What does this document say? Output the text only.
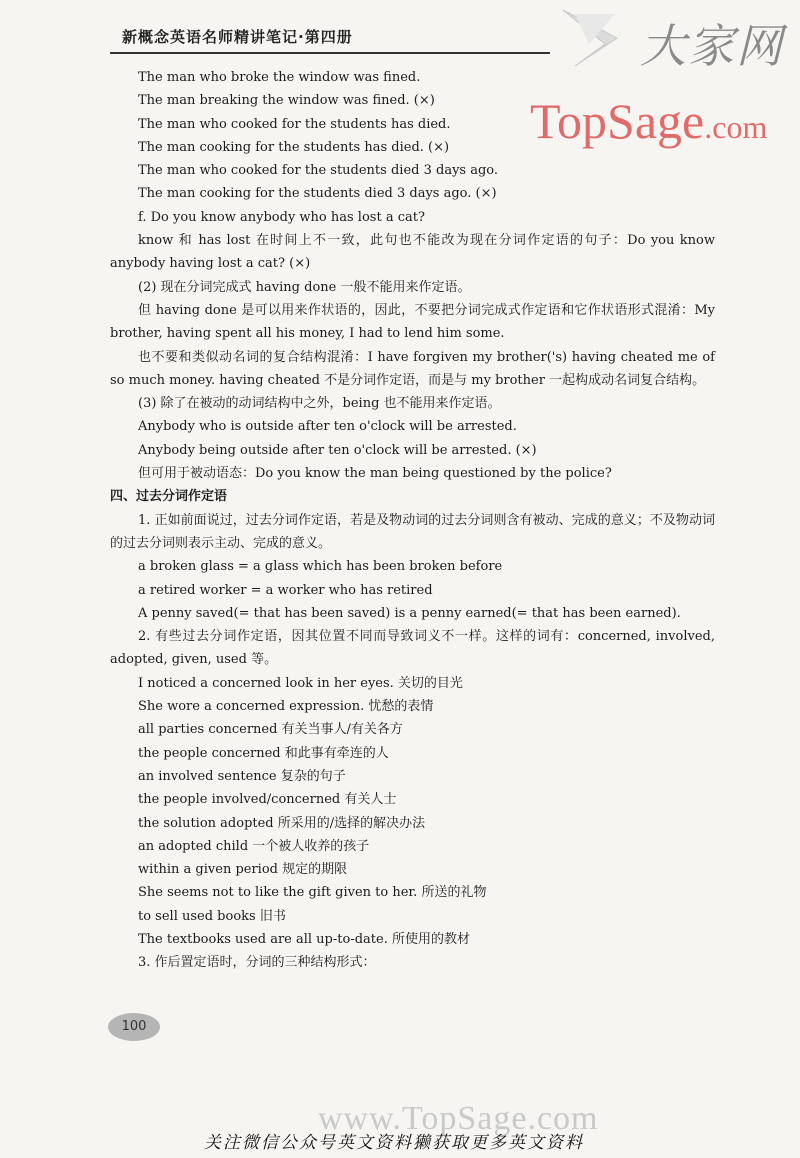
新概念英语名师精讲笔记·第四册	大家网
TopSage.com

The man who broke the window was fined.

The man breaking the window was fined. (×)

The man who cooked for the students has died.

The man cooking for the students has died. (×)

The man who cooked for the students died 3 days ago.

The man cooking for the students died 3 days ago. (×)

f. Do you know anybody who has lost a cat?

know 和 has lost 在时间上不一致，此句也不能改为现在分词作定语的句子：Do you know anybody having lost a cat? (×)

(2) 现在分词完成式 having done 一般不能用来作定语。

但 having done 是可以用来作状语的，因此，不要把分词完成式作定语和它作状语形式混淆：My brother, having spent all his money, I had to lend him some.

也不要和类似动名词的复合结构混淆：I have forgiven my brother('s) having cheated me of so much money. having cheated 不是分词作定语，而是与 my brother 一起构成动名词复合结构。

(3) 除了在被动的动词结构中之外，being 也不能用来作定语。

Anybody who is outside after ten o'clock will be arrested.

Anybody being outside after ten o'clock will be arrested. (×)

但可用于被动语态：Do you know the man being questioned by the police?

四、过去分词作定语

1. 正如前面说过，过去分词作定语，若是及物动词的过去分词则含有被动、完成的意义；不及物动词的过去分词则表示主动、完成的意义。

a broken glass = a glass which has been broken before

a retired worker = a worker who has retired

A penny saved(= that has been saved) is a penny earned(= that has been earned).

2. 有些过去分词作定语，因其位置不同而导致词义不一样。这样的词有：concerned, involved, adopted, given, used 等。

I noticed a concerned look in her eyes. 关切的目光

She wore a concerned expression. 忧愁的表情

all parties concerned 有关当事人/有关各方

the people concerned 和此事有牵连的人

an involved sentence 复杂的句子

the people involved/concerned 有关人士

the solution adopted 所采用的/选择的解决办法

an adopted child 一个被人收养的孩子

within a given period 规定的期限

She seems not to like the gift given to her. 所送的礼物

to sell used books 旧书

The textbooks used are all up-to-date. 所使用的教材

3. 作后置定语时，分词的三种结构形式：

100
www.TopSage.com
关注微信公众号英文资料獭获取更多英文资料
